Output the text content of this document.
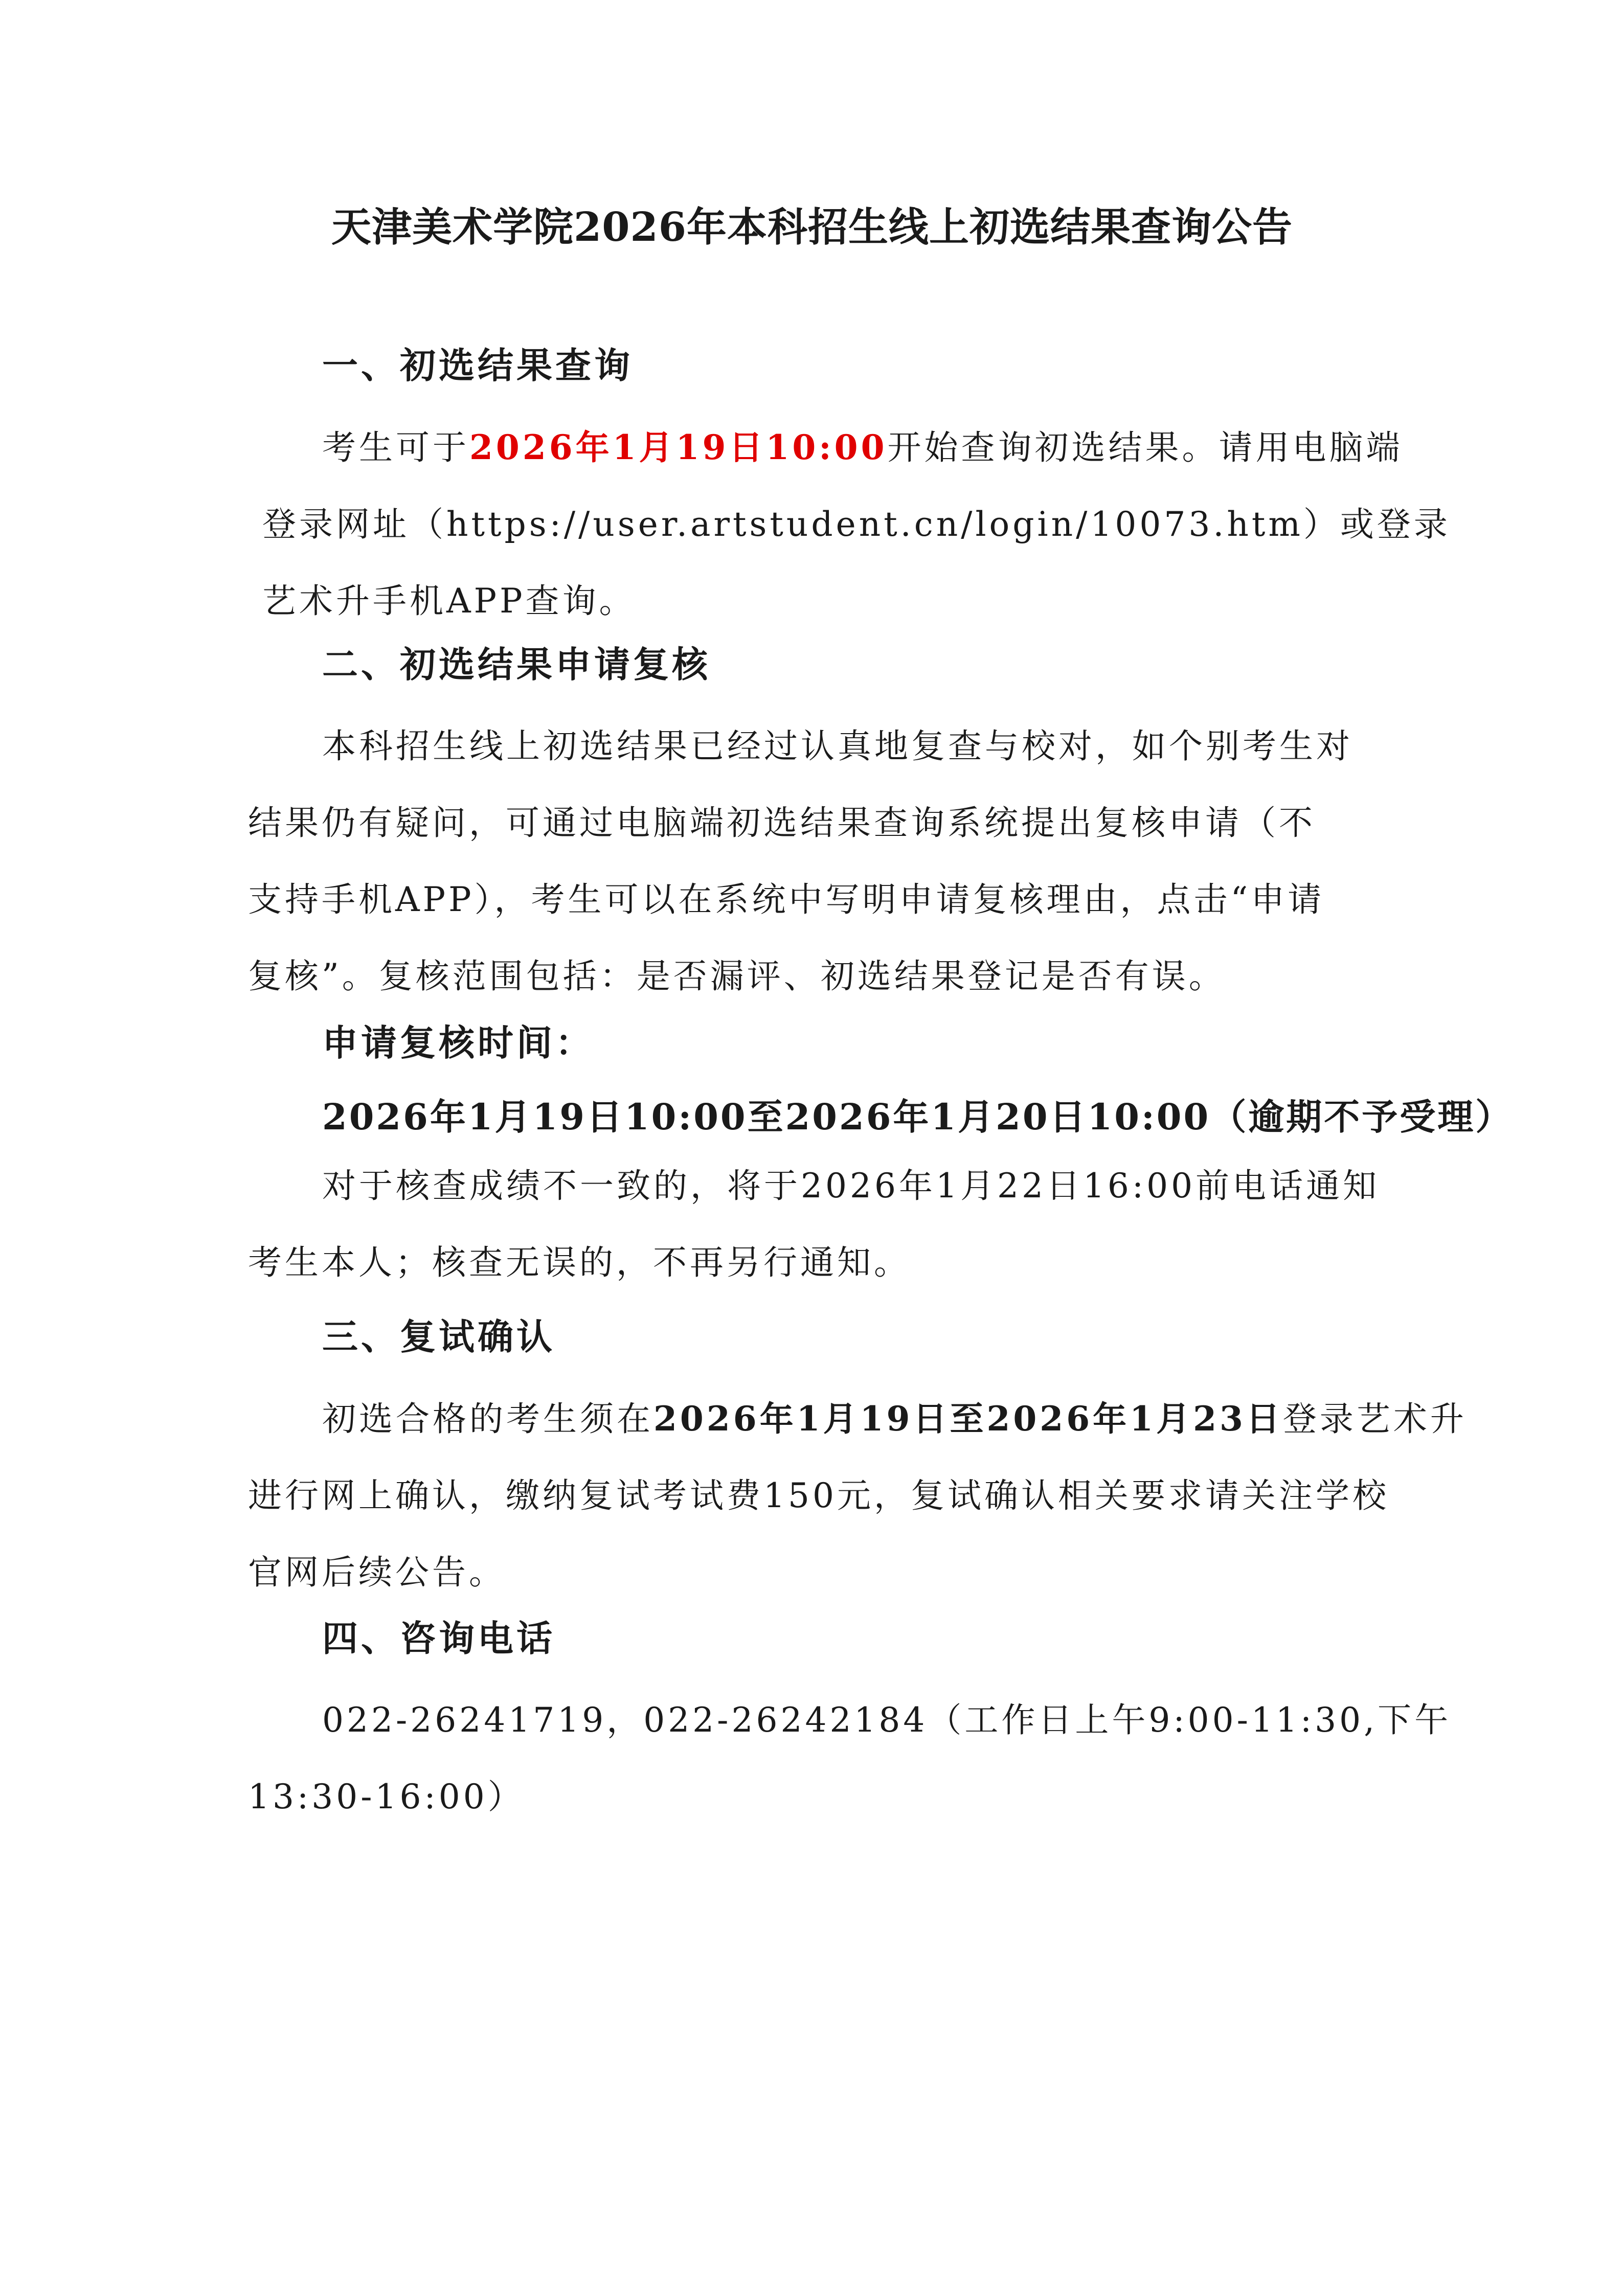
天津美术学院2026年本科招生线上初选结果查询公告
一、初选结果查询
考生可于2026年1月19日10:00开始查询初选结果。请用电脑端
登录网址（https://user.artstudent.cn/login/10073.htm）或登录
艺术升手机APP查询。
二、初选结果申请复核
本科招生线上初选结果已经过认真地复查与校对，如个别考生对
结果仍有疑问，可通过电脑端初选结果查询系统提出复核申请（不
支持手机APP），考生可以在系统中写明申请复核理由，点击“申请
复核”。复核范围包括：是否漏评、初选结果登记是否有误。
申请复核时间：
2026年1月19日10:00至2026年1月20日10:00（逾期不予受理）
对于核查成绩不一致的，将于2026年1月22日16:00前电话通知
考生本人；核查无误的，不再另行通知。
三、复试确认
初选合格的考生须在2026年1月19日至2026年1月23日登录艺术升
进行网上确认，缴纳复试考试费150元，复试确认相关要求请关注学校
官网后续公告。
四、咨询电话
022-26241719，022-26242184（工作日上午9:00-11:30,下午
13:30-16:00）
